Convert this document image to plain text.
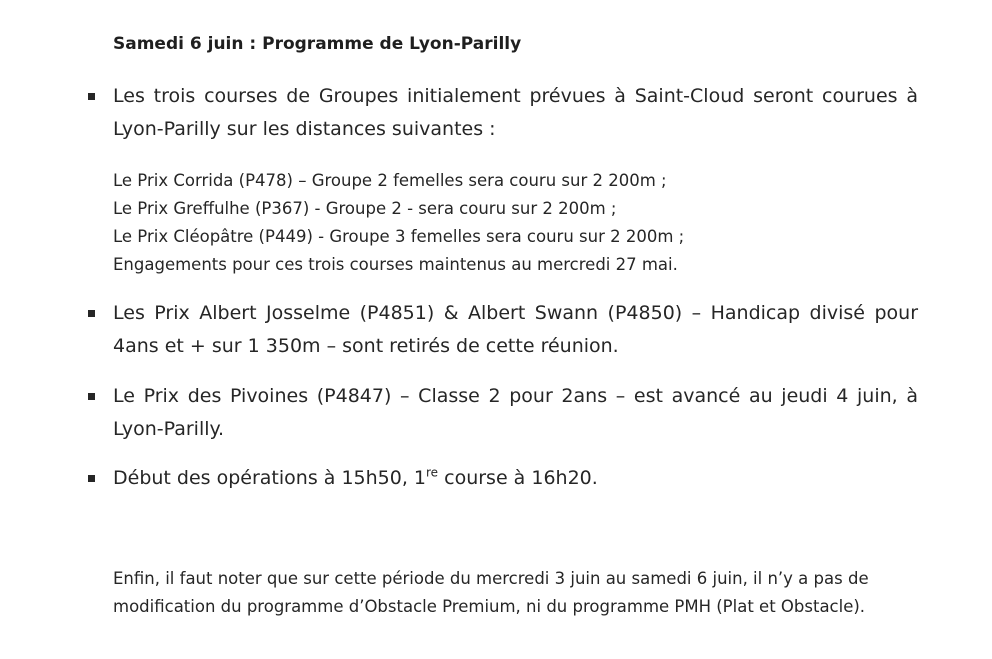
Samedi 6 juin : Programme de Lyon-Parilly
Les trois courses de Groupes initialement prévues à Saint-Cloud seront courues à Lyon-Parilly sur les distances suivantes :
Le Prix Corrida (P478) – Groupe 2 femelles sera couru sur 2 200m ;
Le Prix Greffulhe (P367) - Groupe 2 - sera couru sur 2 200m ;
Le Prix Cléopâtre (P449) - Groupe 3 femelles sera couru sur 2 200m ;
Engagements pour ces trois courses maintenus au mercredi 27 mai.
Les Prix Albert Josselme (P4851) & Albert Swann (P4850) – Handicap divisé pour 4ans et + sur 1 350m – sont retirés de cette réunion.
Le Prix des Pivoines (P4847) – Classe 2 pour 2ans – est avancé au jeudi 4 juin, à Lyon-Parilly.
Début des opérations à 15h50, 1re course à 16h20.
Enfin, il faut noter que sur cette période du mercredi 3 juin au samedi 6 juin, il n’y a pas de
modification du programme d’Obstacle Premium, ni du programme PMH (Plat et Obstacle).
